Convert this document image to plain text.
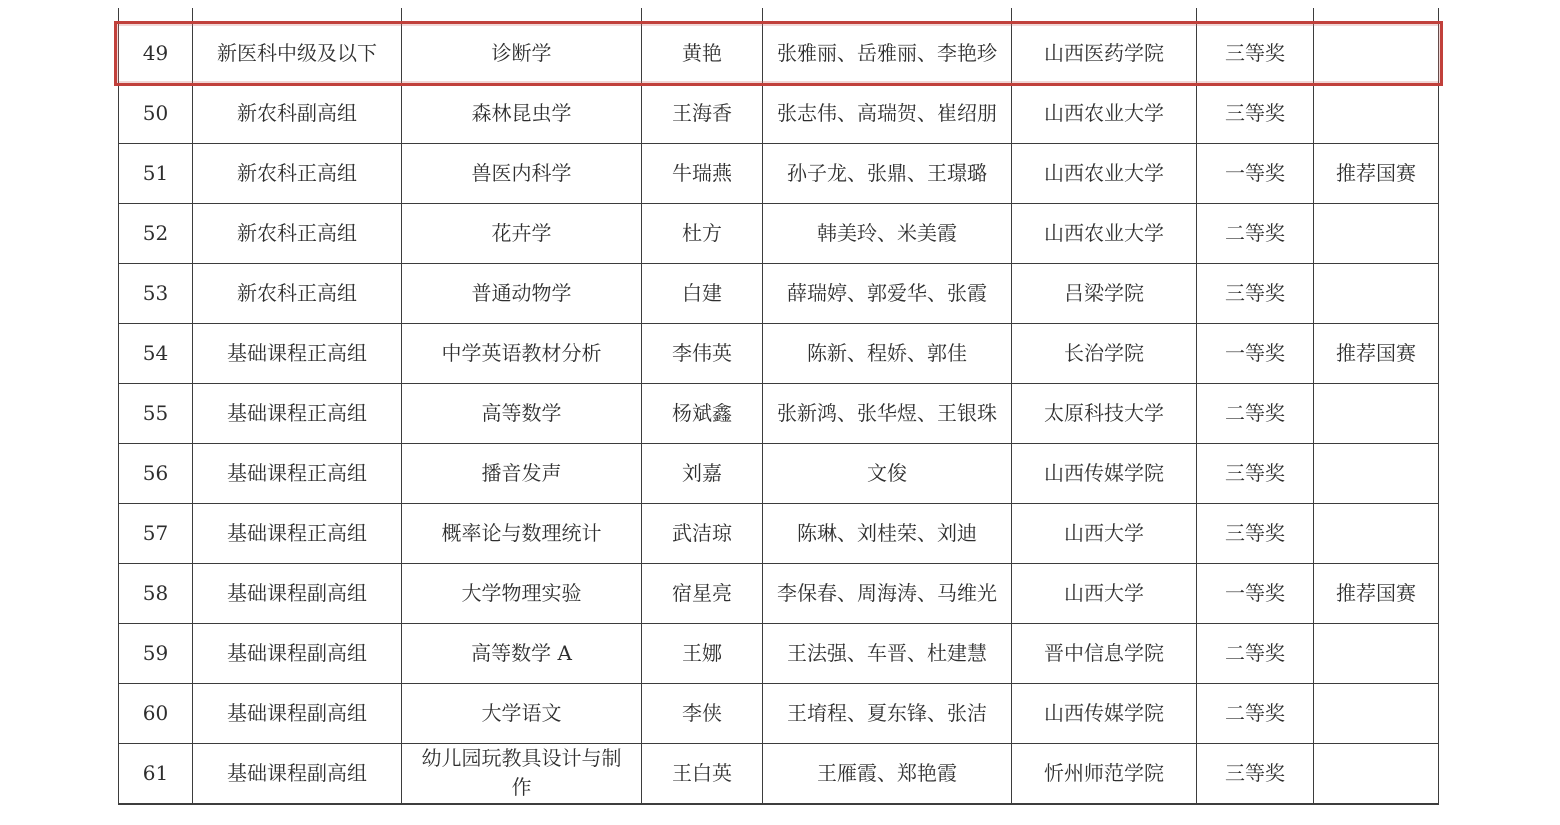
49	新医科中级及以下	诊断学	黄艳	张雅丽、岳雅丽、李艳珍	山西医药学院	三等奖	
50	新农科副高组	森林昆虫学	王海香	张志伟、高瑞贺、崔绍朋	山西农业大学	三等奖	
51	新农科正高组	兽医内科学	牛瑞燕	孙子龙、张鼎、王璟璐	山西农业大学	一等奖	推荐国赛
52	新农科正高组	花卉学	杜方	韩美玲、米美霞	山西农业大学	二等奖	
53	新农科正高组	普通动物学	白建	薛瑞婷、郭爱华、张霞	吕梁学院	三等奖	
54	基础课程正高组	中学英语教材分析	李伟英	陈新、程娇、郭佳	长治学院	一等奖	推荐国赛
55	基础课程正高组	高等数学	杨斌鑫	张新鸿、张华煜、王银珠	太原科技大学	二等奖	
56	基础课程正高组	播音发声	刘嘉	文俊	山西传媒学院	三等奖	
57	基础课程正高组	概率论与数理统计	武洁琼	陈琳、刘桂荣、刘迪	山西大学	三等奖	
58	基础课程副高组	大学物理实验	宿星亮	李保春、周海涛、马维光	山西大学	一等奖	推荐国赛
59	基础课程副高组	高等数学 A	王娜	王法强、车晋、杜建慧	晋中信息学院	二等奖	
60	基础课程副高组	大学语文	李侠	王堉程、夏东锋、张洁	山西传媒学院	二等奖	
61	基础课程副高组	幼儿园玩教具设计与制作	王白英	王雁霞、郑艳霞	忻州师范学院	三等奖	
